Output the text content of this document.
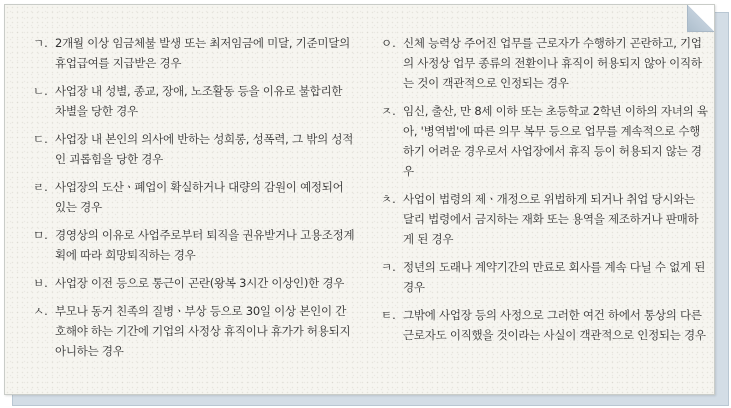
ㄱ. 2개월 이상 임금체불 발생 또는 최저임금에 미달, 기준미달의 휴업급여를 지급받은 경우
ㄴ. 사업장 내 성별, 종교, 장애, 노조활동 등을 이유로 불합리한 차별을 당한 경우
ㄷ. 사업장 내 본인의 의사에 반하는 성희롱, 성폭력, 그 밖의 성적인 괴롭힘을 당한 경우
ㄹ. 사업장의 도산ㆍ폐업이 확실하거나 대량의 감원이 예정되어 있는 경우
ㅁ. 경영상의 이유로 사업주로부터 퇴직을 권유받거나 고용조정계획에 따라 희망퇴직하는 경우
ㅂ. 사업장 이전 등으로 통근이 곤란(왕복 3시간 이상인)한 경우
ㅅ. 부모나 동거 친족의 질병ㆍ부상 등으로 30일 이상 본인이 간호해야 하는 기간에 기업의 사정상 휴직이나 휴가가 허용되지 아니하는 경우
ㅇ. 신체 능력상 주어진 업무를 근로자가 수행하기 곤란하고, 기업의 사정상 업무 종류의 전환이나 휴직이 허용되지 않아 이직하는 것이 객관적으로 인정되는 경우
ㅈ. 임신, 출산, 만 8세 이하 또는 초등학교 2학년 이하의 자녀의 육아, '병역법'에 따른 의무 복무 등으로 업무를 계속적으로 수행하기 어려운 경우로서 사업장에서 휴직 등이 허용되지 않는 경우
ㅊ. 사업이 법령의 제ㆍ개정으로 위법하게 되거나 취업 당시와는 달리 법령에서 금지하는 재화 또는 용역을 제조하거나 판매하게 된 경우
ㅋ. 정년의 도래나 계약기간의 만료로 회사를 계속 다닐 수 없게 된 경우
ㅌ. 그밖에 사업장 등의 사정으로 그러한 여건 하에서 통상의 다른 근로자도 이직했을 것이라는 사실이 객관적으로 인정되는 경우
